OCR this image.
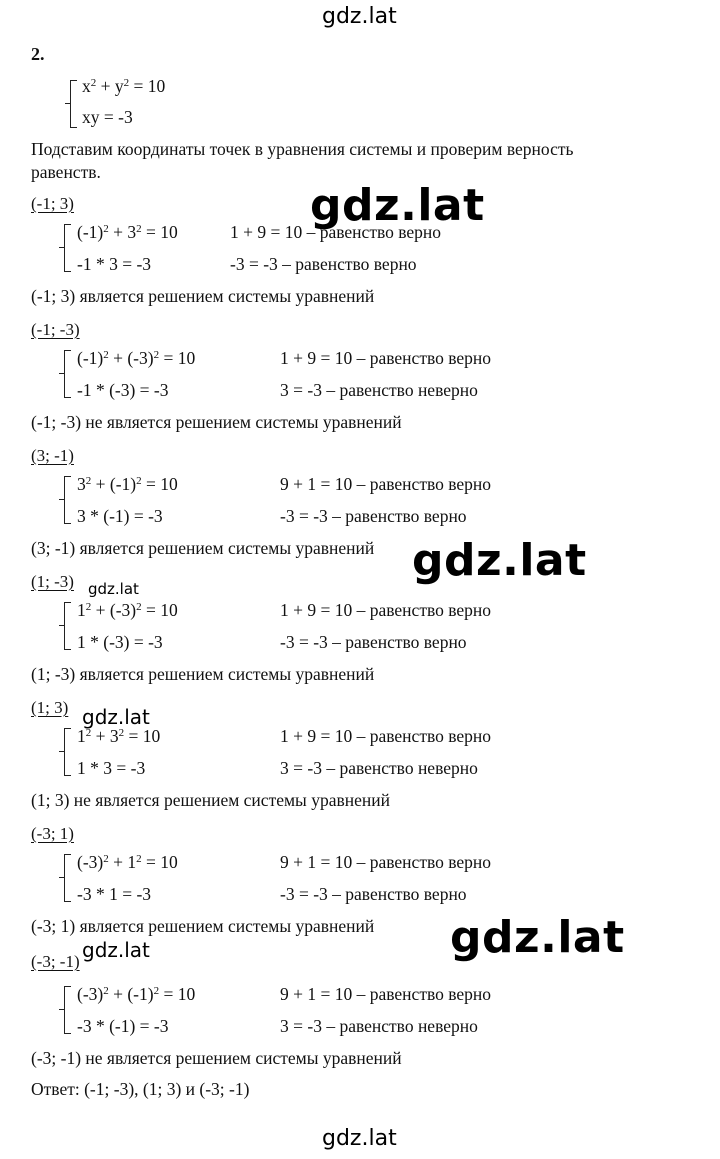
gdz.lat
gdz.lat
gdz.lat
gdz.lat
gdz.lat
gdz.lat
gdz.lat
gdz.lat
2.
$x^2 + y^2 = 10$
xy = -3
Подставим координаты точек в уравнения системы и проверим верность
равенств.
(-1; 3)
$(-1)^2 + 3^2 = 10$	1 + 9 = 10 – равенство верно
-1 * 3 = -3	-3 = -3 – равенство верно
(-1; 3) является решением системы уравнений
(-1; -3)
$(-1)^2 + (-3)^2 = 10$	1 + 9 = 10 – равенство верно
-1 * (-3) = -3	3 = -3 – равенство неверно
(-1; -3) не является решением системы уравнений
(3; -1)
$3^2 + (-1)^2 = 10$	9 + 1 = 10 – равенство верно
3 * (-1) = -3	-3 = -3 – равенство верно
(3; -1) является решением системы уравнений
(1; -3)
$1^2 + (-3)^2 = 10$	1 + 9 = 10 – равенство верно
1 * (-3) = -3	-3 = -3 – равенство верно
(1; -3) является решением системы уравнений
(1; 3)
$1^2 + 3^2 = 10$	1 + 9 = 10 – равенство верно
1 * 3 = -3	3 = -3 – равенство неверно
(1; 3) не является решением системы уравнений
(-3; 1)
$(-3)^2 + 1^2 = 10$	9 + 1 = 10 – равенство верно
-3 * 1 = -3	-3 = -3 – равенство верно
(-3; 1) является решением системы уравнений
(-3; -1)
$(-3)^2 + (-1)^2 = 10$	9 + 1 = 10 – равенство верно
-3 * (-1) = -3	3 = -3 – равенство неверно
(-3; -1) не является решением системы уравнений
Ответ: (-1; -3), (1; 3) и (-3; -1)
